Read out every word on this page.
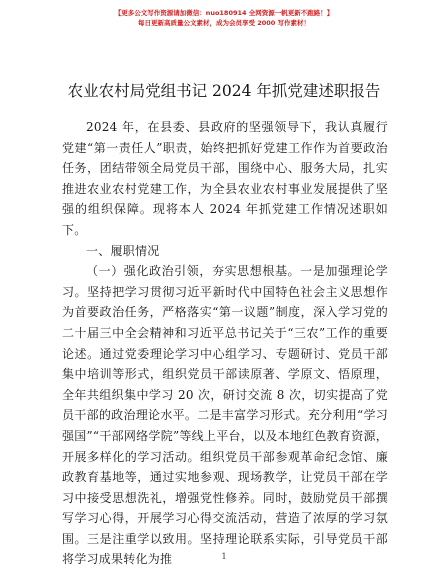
【更多公文写作资源请加微信：nuo180914 全网资源一帆更新不跑路！】
每日更新高质量公文素材，成为会员享受 2000 写作素材！
农业农村局党组书记 2024 年抓党建述职报告

2024 年，在县委、县政府的坚强领导下，我认真履行党建“第一责任人”职责，始终把抓好党建工作作为首要政治任务，团结带领全局党员干部，围绕中心、服务大局，扎实推进农业农村党建工作，为全县农业农村事业发展提供了坚强的组织保障。现将本人 2024 年抓党建工作情况述职如下。

一、履职情况

（一）强化政治引领，夯实思想根基。一是加强理论学习。坚持把学习贯彻习近平新时代中国特色社会主义思想作为首要政治任务，严格落实“第一议题”制度，深入学习党的二十届三中全会精神和习近平总书记关于“三农”工作的重要论述。通过党委理论学习中心组学习、专题研讨、党员干部集中培训等形式，组织党员干部读原著、学原文、悟原理，全年共组织集中学习 20 次，研讨交流 8 次，切实提高了党员干部的政治理论水平。二是丰富学习形式。充分利用“学习强国”“干部网络学院”等线上平台，以及本地红色教育资源，开展多样化的学习活动。组织党员干部参观革命纪念馆、廉政教育基地等，通过实地参观、现场教学，让党员干部在学习中接受思想洗礼，增强党性修养。同时，鼓励党员干部撰写学习心得，开展学习心得交流活动，营造了浓厚的学习氛围。三是注重学以致用。坚持理论联系实际，引导党员干部将学习成果转化为推	1
